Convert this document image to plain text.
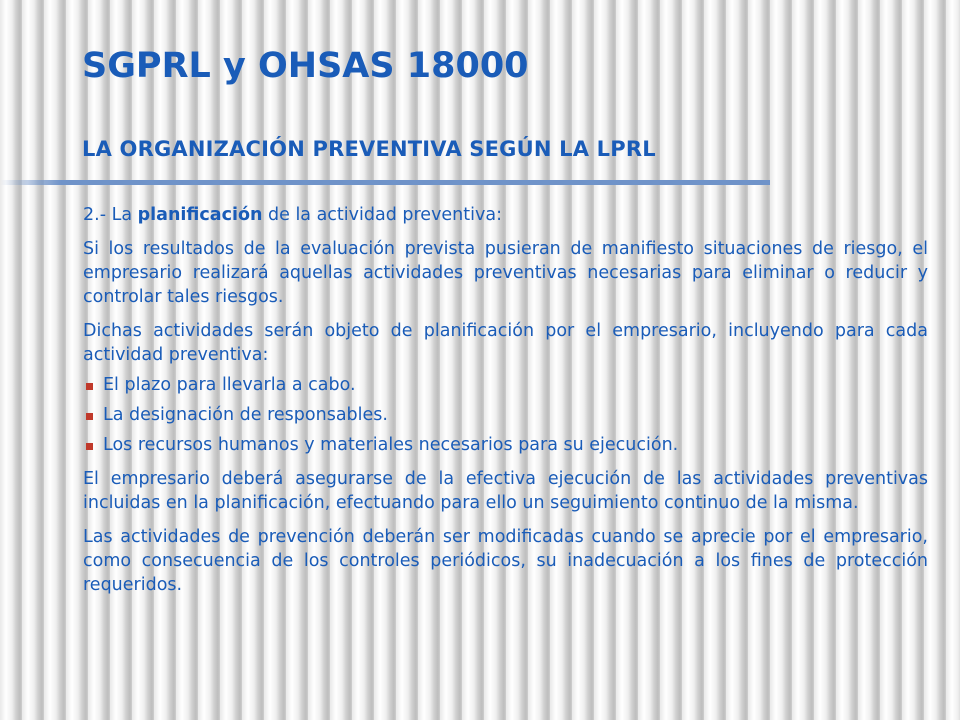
SGPRL y OHSAS 18000
LA ORGANIZACIÓN PREVENTIVA SEGÚN LA LPRL

2.- La planificación de la actividad preventiva:

Si los resultados de la evaluación prevista pusieran de manifiesto situaciones de riesgo, el empresario realizará aquellas actividades preventivas necesarias para eliminar o reducir y controlar tales riesgos.

Dichas actividades serán objeto de planificación por el empresario, incluyendo para cada actividad preventiva:

El plazo para llevarla a cabo.
La designación de responsables.
Los recursos humanos y materiales necesarios para su ejecución.

El empresario deberá asegurarse de la efectiva ejecución de las actividades preventivas incluidas en la planificación, efectuando para ello un seguimiento continuo de la misma.

Las actividades de prevención deberán ser modificadas cuando se aprecie por el empresario, como consecuencia de los controles periódicos, su inadecuación a los fines de protección requeridos.
